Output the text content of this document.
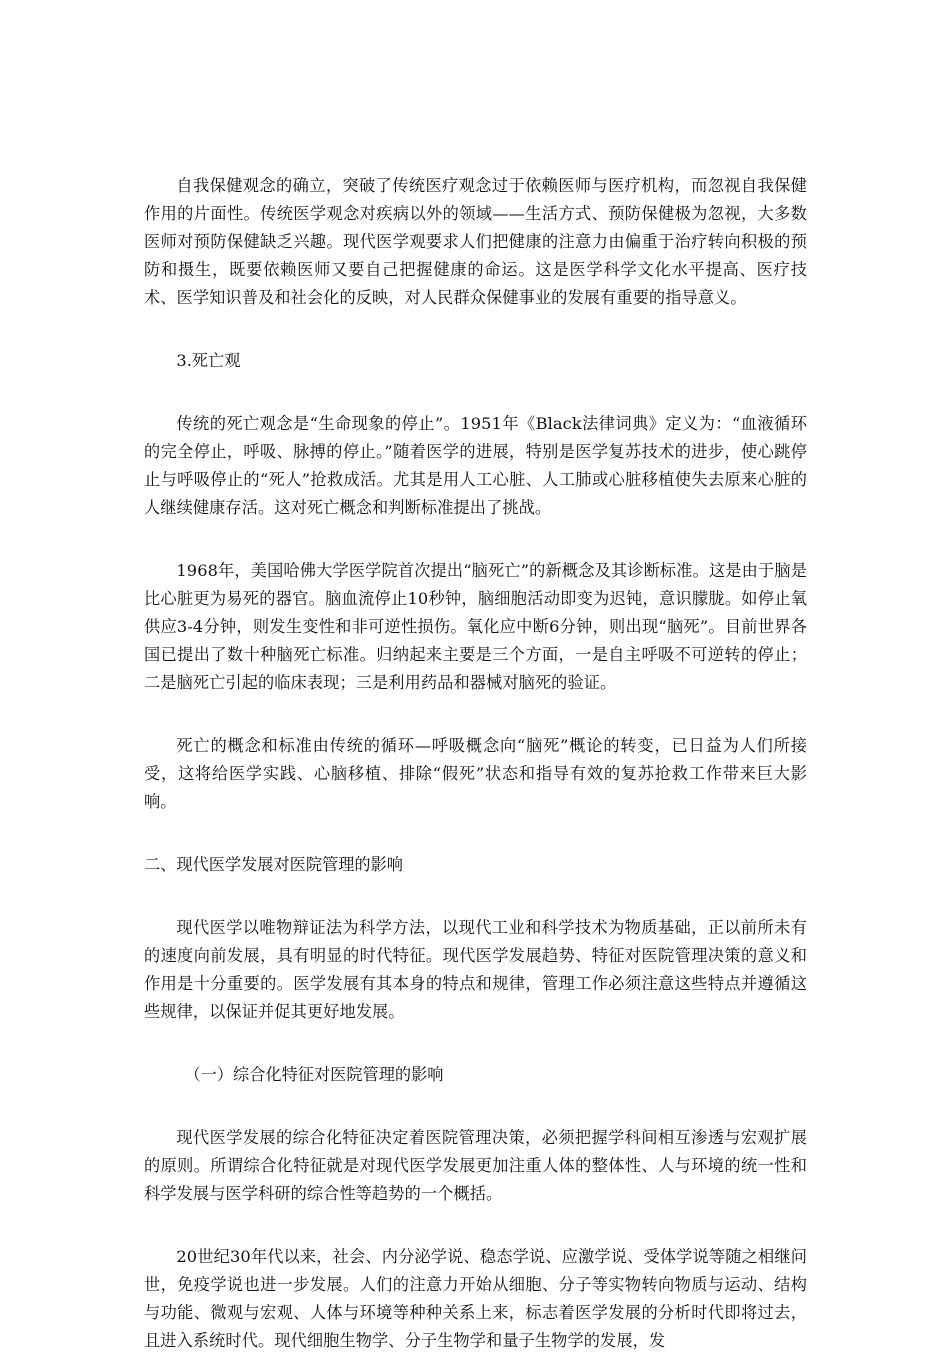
自我保健观念的确立，突破了传统医疗观念过于依赖医师与医疗机构，而忽视自我保健作用的片面性。传统医学观念对疾病以外的领域——生活方式、预防保健极为忽视，大多数医师对预防保健缺乏兴趣。现代医学观要求人们把健康的注意力由偏重于治疗转向积极的预防和摄生，既要依赖医师又要自己把握健康的命运。这是医学科学文化水平提高、医疗技术、医学知识普及和社会化的反映，对人民群众保健事业的发展有重要的指导意义。

3.死亡观

传统的死亡观念是“生命现象的停止”。1951年《Black法律词典》定义为：“血液循环的完全停止，呼吸、脉搏的停止。”随着医学的进展，特别是医学复苏技术的进步，使心跳停止与呼吸停止的“死人”抢救成活。尤其是用人工心脏、人工肺或心脏移植使失去原来心脏的人继续健康存活。这对死亡概念和判断标准提出了挑战。

1968年，美国哈佛大学医学院首次提出“脑死亡”的新概念及其诊断标准。这是由于脑是比心脏更为易死的器官。脑血流停止10秒钟，脑细胞活动即变为迟钝，意识朦胧。如停止氧供应3-4分钟，则发生变性和非可逆性损伤。氧化应中断6分钟，则出现“脑死”。目前世界各国已提出了数十种脑死亡标准。归纳起来主要是三个方面，一是自主呼吸不可逆转的停止；二是脑死亡引起的临床表现；三是利用药品和器械对脑死的验证。

死亡的概念和标准由传统的循环—呼吸概念向“脑死”概论的转变，已日益为人们所接受，这将给医学实践、心脑移植、排除“假死”状态和指导有效的复苏抢救工作带来巨大影响。

二、现代医学发展对医院管理的影响

现代医学以唯物辩证法为科学方法，以现代工业和科学技术为物质基础，正以前所未有的速度向前发展，具有明显的时代特征。现代医学发展趋势、特征对医院管理决策的意义和作用是十分重要的。医学发展有其本身的特点和规律，管理工作必须注意这些特点并遵循这些规律，以保证并促其更好地发展。

（一）综合化特征对医院管理的影响

现代医学发展的综合化特征决定着医院管理决策，必须把握学科间相互渗透与宏观扩展的原则。所谓综合化特征就是对现代医学发展更加注重人体的整体性、人与环境的统一性和科学发展与医学科研的综合性等趋势的一个概括。

20世纪30年代以来，社会、内分泌学说、稳态学说、应激学说、受体学说等随之相继问世，免疫学说也进一步发展。人们的注意力开始从细胞、分子等实物转向物质与运动、结构与功能、微观与宏观、人体与环境等种种关系上来，标志着医学发展的分析时代即将过去，且进入系统时代。现代细胞生物学、分子生物学和量子生物学的发展，发
